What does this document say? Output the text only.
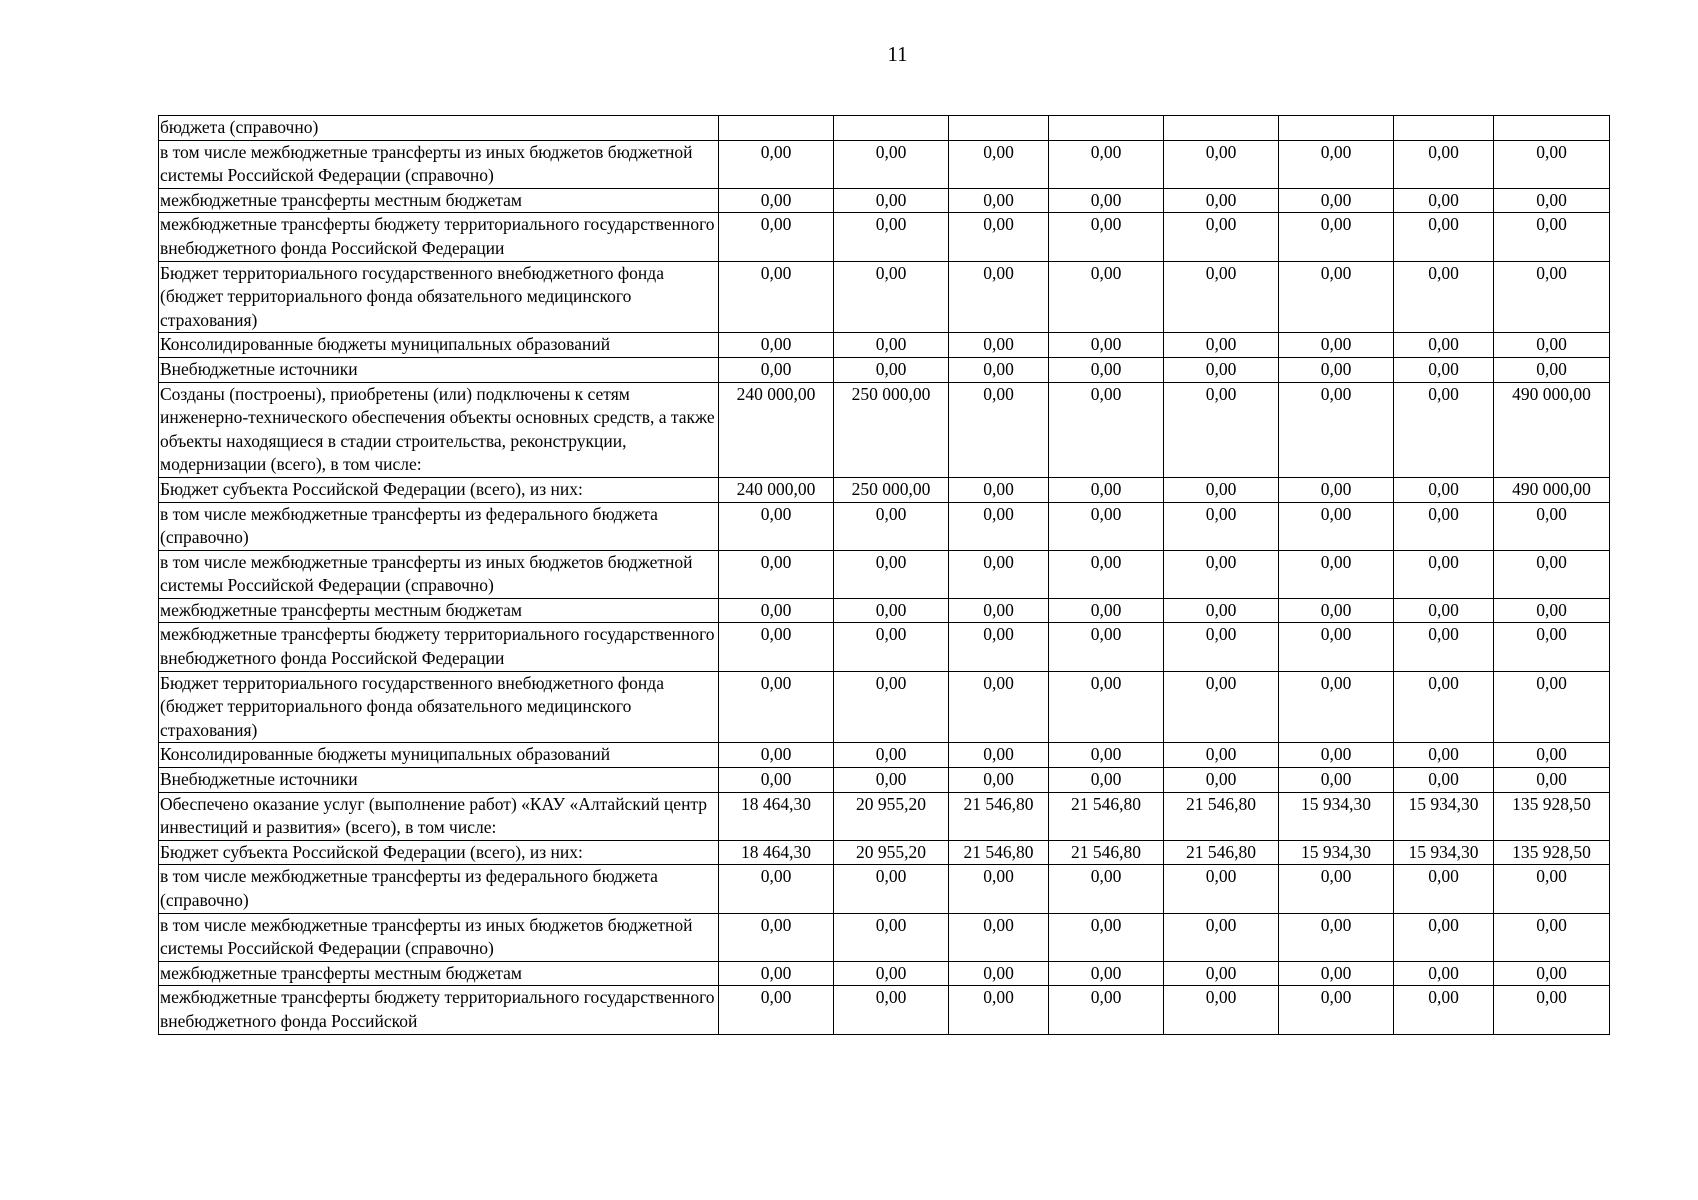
11
бюджета (справочно)								
в том числе межбюджетные трансферты из иных бюджетов бюджетной системы Российской Федерации (справочно)	0,00	0,00	0,00	0,00	0,00	0,00	0,00	0,00
межбюджетные трансферты местным бюджетам	0,00	0,00	0,00	0,00	0,00	0,00	0,00	0,00
межбюджетные трансферты бюджету территориального государственного внебюджетного фонда Российской Федерации	0,00	0,00	0,00	0,00	0,00	0,00	0,00	0,00
Бюджет территориального государственного внебюджетного фонда (бюджет территориального фонда обязательного медицинского страхования)	0,00	0,00	0,00	0,00	0,00	0,00	0,00	0,00
Консолидированные бюджеты муниципальных образований	0,00	0,00	0,00	0,00	0,00	0,00	0,00	0,00
Внебюджетные источники	0,00	0,00	0,00	0,00	0,00	0,00	0,00	0,00
Созданы (построены), приобретены (или) подключены к сетям инженерно-технического обеспечения объекты основных средств, а также объекты находящиеся в стадии строительства, реконструкции, модернизации (всего), в том числе:	240 000,00	250 000,00	0,00	0,00	0,00	0,00	0,00	490 000,00
Бюджет субъекта Российской Федерации (всего), из них:	240 000,00	250 000,00	0,00	0,00	0,00	0,00	0,00	490 000,00
в том числе межбюджетные трансферты из федерального бюджета (справочно)	0,00	0,00	0,00	0,00	0,00	0,00	0,00	0,00
в том числе межбюджетные трансферты из иных бюджетов бюджетной системы Российской Федерации (справочно)	0,00	0,00	0,00	0,00	0,00	0,00	0,00	0,00
межбюджетные трансферты местным бюджетам	0,00	0,00	0,00	0,00	0,00	0,00	0,00	0,00
межбюджетные трансферты бюджету территориального государственного внебюджетного фонда Российской Федерации	0,00	0,00	0,00	0,00	0,00	0,00	0,00	0,00
Бюджет территориального государственного внебюджетного фонда (бюджет территориального фонда обязательного медицинского страхования)	0,00	0,00	0,00	0,00	0,00	0,00	0,00	0,00
Консолидированные бюджеты муниципальных образований	0,00	0,00	0,00	0,00	0,00	0,00	0,00	0,00
Внебюджетные источники	0,00	0,00	0,00	0,00	0,00	0,00	0,00	0,00
Обеспечено оказание услуг (выполнение работ) «КАУ «Алтайский центр инвестиций и развития» (всего), в том числе:	18 464,30	20 955,20	21 546,80	21 546,80	21 546,80	15 934,30	15 934,30	135 928,50
Бюджет субъекта Российской Федерации (всего), из них:	18 464,30	20 955,20	21 546,80	21 546,80	21 546,80	15 934,30	15 934,30	135 928,50
в том числе межбюджетные трансферты из федерального бюджета (справочно)	0,00	0,00	0,00	0,00	0,00	0,00	0,00	0,00
в том числе межбюджетные трансферты из иных бюджетов бюджетной системы Российской Федерации (справочно)	0,00	0,00	0,00	0,00	0,00	0,00	0,00	0,00
межбюджетные трансферты местным бюджетам	0,00	0,00	0,00	0,00	0,00	0,00	0,00	0,00
межбюджетные трансферты бюджету территориального государственного внебюджетного фонда Российской	0,00	0,00	0,00	0,00	0,00	0,00	0,00	0,00
